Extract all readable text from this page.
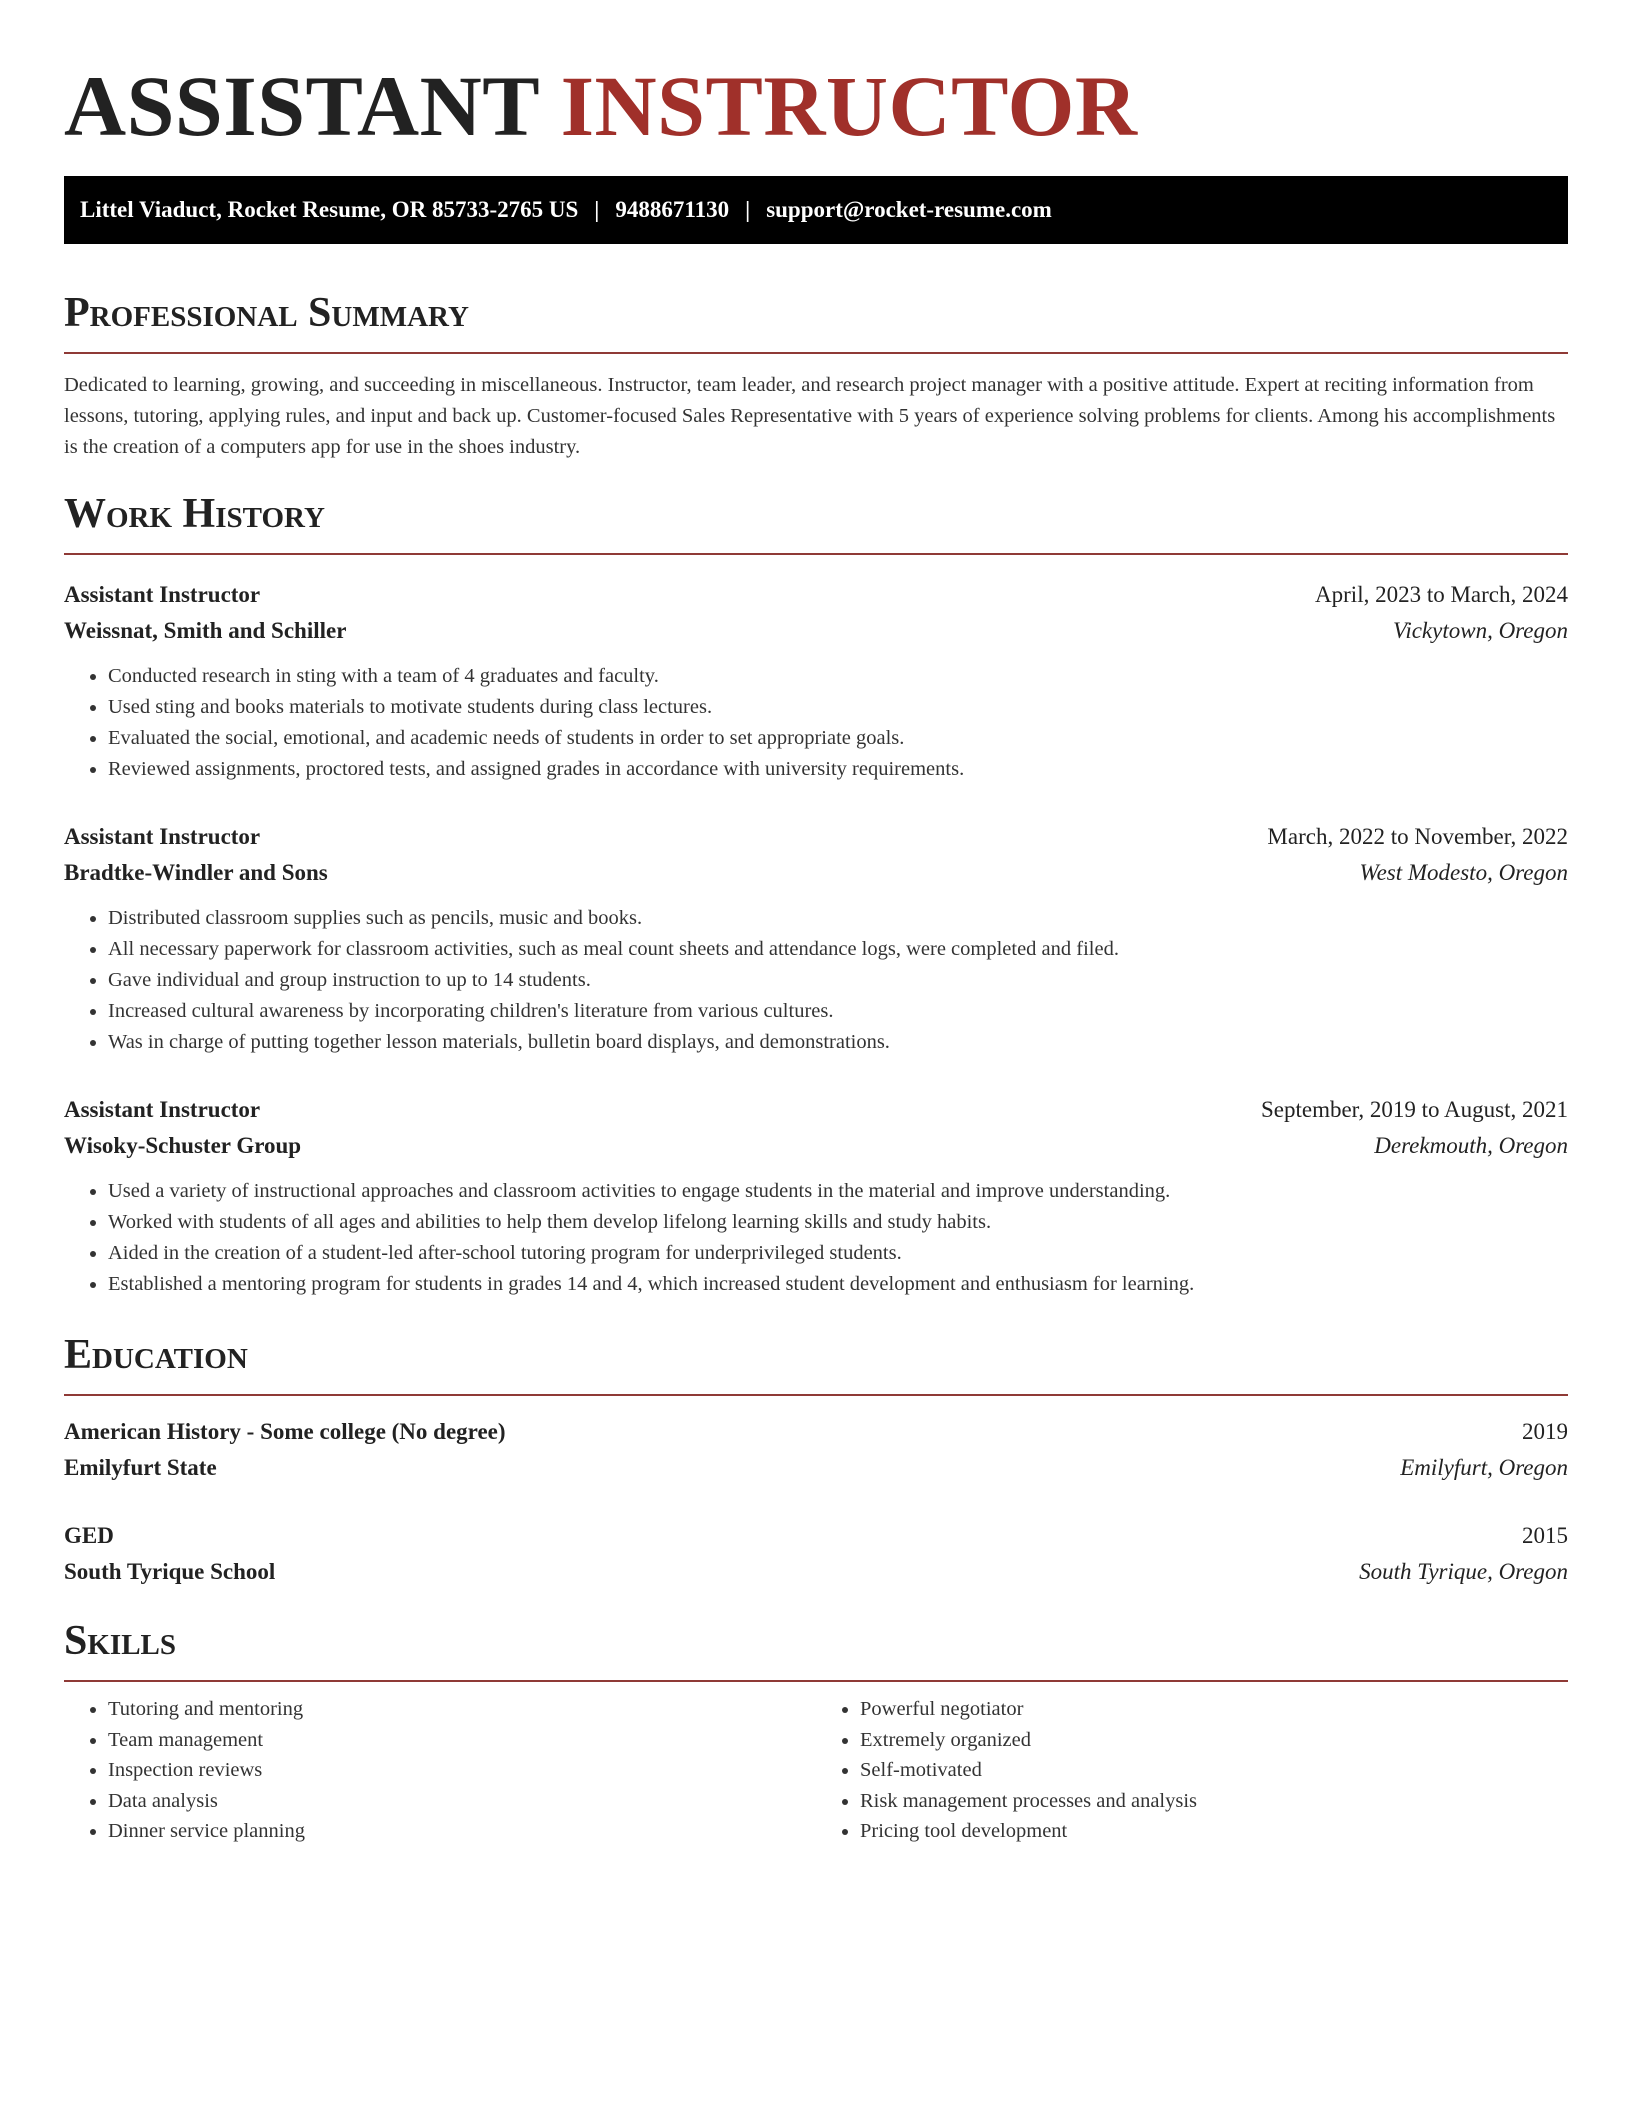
ASSISTANT INSTRUCTOR
Littel Viaduct, Rocket Resume, OR 85733-2765 US | 9488671130 | support@rocket-resume.com
Professional Summary

Dedicated to learning, growing, and succeeding in miscellaneous. Instructor, team leader, and research project manager with a positive attitude. Expert at reciting information from lessons, tutoring, applying rules, and input and back up. Customer-focused Sales Representative with 5 years of experience solving problems for clients. Among his accomplishments is the creation of a computers app for use in the shoes industry.

Work History
Assistant Instructor	April, 2023 to March, 2024
Weissnat, Smith and Schiller	Vickytown, Oregon
• Conducted research in sting with a team of 4 graduates and faculty.
• Used sting and books materials to motivate students during class lectures.
• Evaluated the social, emotional, and academic needs of students in order to set appropriate goals.
• Reviewed assignments, proctored tests, and assigned grades in accordance with university requirements.
Assistant Instructor	March, 2022 to November, 2022
Bradtke-Windler and Sons	West Modesto, Oregon
• Distributed classroom supplies such as pencils, music and books.
• All necessary paperwork for classroom activities, such as meal count sheets and attendance logs, were completed and filed.
• Gave individual and group instruction to up to 14 students.
• Increased cultural awareness by incorporating children's literature from various cultures.
• Was in charge of putting together lesson materials, bulletin board displays, and demonstrations.
Assistant Instructor	September, 2019 to August, 2021
Wisoky-Schuster Group	Derekmouth, Oregon
• Used a variety of instructional approaches and classroom activities to engage students in the material and improve understanding.
• Worked with students of all ages and abilities to help them develop lifelong learning skills and study habits.
• Aided in the creation of a student-led after-school tutoring program for underprivileged students.
• Established a mentoring program for students in grades 14 and 4, which increased student development and enthusiasm for learning.
Education
American History - Some college (No degree)	2019
Emilyfurt State	Emilyfurt, Oregon
GED	2015
South Tyrique School	South Tyrique, Oregon
Skills
• Tutoring and mentoring
• Team management
• Inspection reviews
• Data analysis
• Dinner service planning
• Powerful negotiator
• Extremely organized
• Self-motivated
• Risk management processes and analysis
• Pricing tool development
